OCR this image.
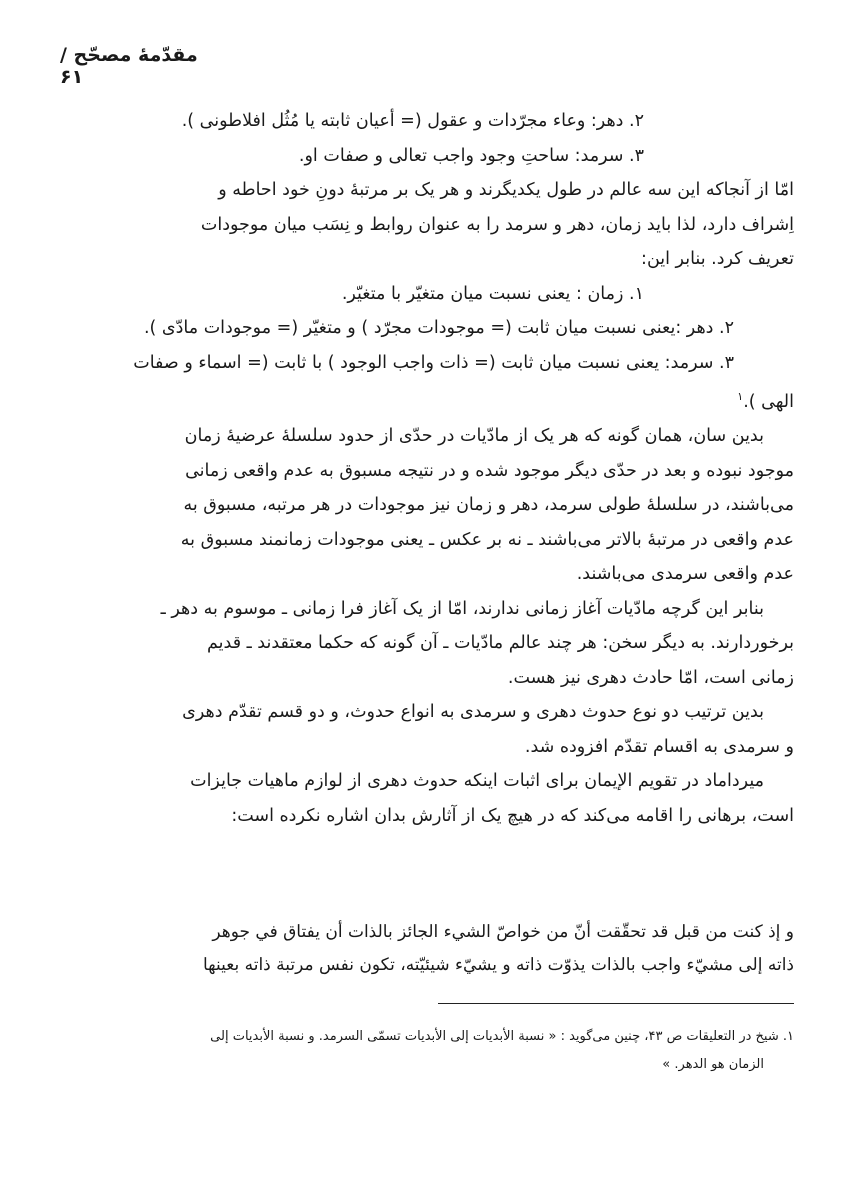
مقدّمهٔ مصحّح / ۶۱
۲. دهر: وعاء مجرّدات و عقول (= أعیان ثابته یا مُثُل افلاطونی ).
۳. سرمد: ساحتِ وجود واجب تعالی و صفات او.
امّا از آنجاکه این سه عالم در طول یکدیگرند و هر یک بر مرتبهٔ دونِ خود احاطه و
اِشراف دارد، لذا باید زمان، دهر و سرمد را به عنوان روابط و نِسَب میان موجودات
تعریف کرد. بنابر این:
۱. زمان : یعنی نسبت میان متغیّر با متغیّر.
۲. دهر :یعنی نسبت میان ثابت (= موجودات مجرّد ) و متغیّر (= موجودات مادّی ).
۳. سرمد: یعنی نسبت میان ثابت (= ذات واجب الوجود ) با ثابت (= اسماء و صفات
الهی ).$^۱$
بدین سان، همان گونه که هر یک از مادّیات در حدّی از حدود سلسلهٔ عرضیهٔ زمان
موجود نبوده و بعد در حدّی دیگر موجود شده و در نتیجه مسبوق به عدم واقعی زمانی
می‌باشند، در سلسلهٔ طولی سرمد، دهر و زمان نیز موجودات در هر مرتبه، مسبوق به
عدم واقعی در مرتبهٔ بالاتر می‌باشند ـ نه بر عکس ـ یعنی موجودات زمانمند مسبوق به
عدم واقعی سرمدی می‌باشند.
بنابر این گرچه مادّیات آغاز زمانی ندارند، امّا از یک آغاز فرا زمانی ـ موسوم به دهر ـ
برخوردارند. به دیگر سخن: هر چند عالم مادّیات ـ آن گونه که حکما معتقدند ـ قدیم
زمانی است، امّا حادث دهری نیز هست.
بدین ترتیب دو نوع حدوث دهری و سرمدی به انواع حدوث، و دو قسم تقدّم دهری
و سرمدی به اقسام تقدّم افزوده شد.
میرداماد در تقویم الإیمان برای اثبات اینکه حدوث دهری از لوازم ماهیات جایزات
است، برهانی را اقامه می‌کند که در هیچ یک از آثارش بدان اشاره نکرده است:
و إذ کنت من قبل قد تحقّقت أنّ من خواصّ الشيء الجائز بالذات أن یفتاق في جوهر
ذاته إلی مشيّء واجب بالذات یذوّت ذاته و یشيّء شیئیّته، تکون نفس مرتبة ذاته بعینها
۱. شیخ در التعلیقات ص ۴۳، چنین می‌گوید : « نسبة الأبدیات إلی الأبدیات تسمّی السرمد. و نسبة الأبدیات إلی
الزمان هو الدهر. »
